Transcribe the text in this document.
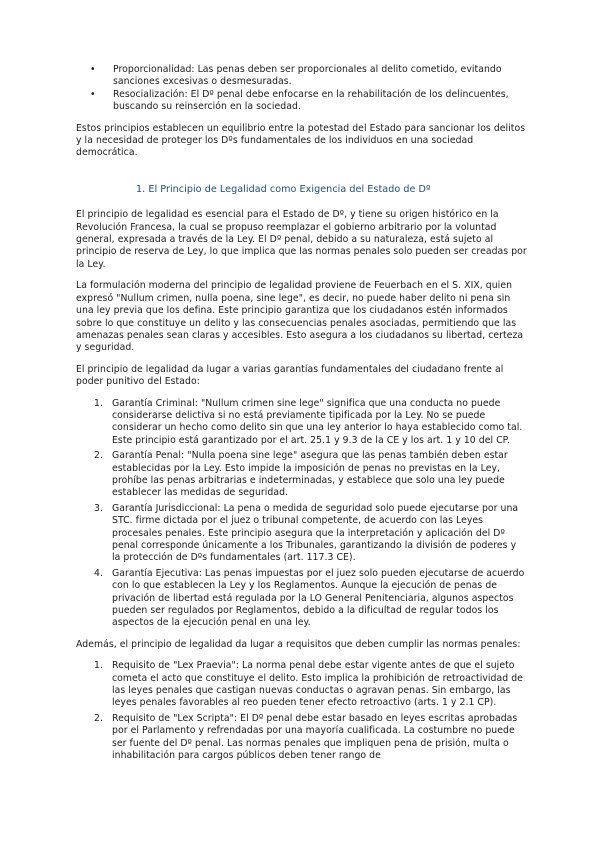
• Proporcionalidad: Las penas deben ser proporcionales al delito cometido, evitando sanciones excesivas o desmesuradas.
• Resocialización: El Dº penal debe enfocarse en la rehabilitación de los delincuentes, buscando su reinserción en la sociedad.

Estos principios establecen un equilibrio entre la potestad del Estado para sancionar los delitos y la necesidad de proteger los Dºs fundamentales de los individuos en una sociedad democrática.

1. El Principio de Legalidad como Exigencia del Estado de Dº

El principio de legalidad es esencial para el Estado de Dº, y tiene su origen histórico en la Revolución Francesa, la cual se propuso reemplazar el gobierno arbitrario por la voluntad general, expresada a través de la Ley. El Dº penal, debido a su naturaleza, está sujeto al principio de reserva de Ley, lo que implica que las normas penales solo pueden ser creadas por la Ley.

La formulación moderna del principio de legalidad proviene de Feuerbach en el S. XIX, quien expresó "Nullum crimen, nulla poena, sine lege", es decir, no puede haber delito ni pena sin una ley previa que los defina. Este principio garantiza que los ciudadanos estén informados sobre lo que constituye un delito y las consecuencias penales asociadas, permitiendo que las amenazas penales sean claras y accesibles. Esto asegura a los ciudadanos su libertad, certeza y seguridad.

El principio de legalidad da lugar a varias garantías fundamentales del ciudadano frente al poder punitivo del Estado:

1. Garantía Criminal: "Nullum crimen sine lege" significa que una conducta no puede considerarse delictiva si no está previamente tipificada por la Ley. No se puede considerar un hecho como delito sin que una ley anterior lo haya establecido como tal. Este principio está garantizado por el art. 25.1 y 9.3 de la CE y los art. 1 y 10 del CP.
2. Garantía Penal: "Nulla poena sine lege" asegura que las penas también deben estar establecidas por la Ley. Esto impide la imposición de penas no previstas en la Ley, prohíbe las penas arbitrarias e indeterminadas, y establece que solo una ley puede establecer las medidas de seguridad.
3. Garantía Jurisdiccional: La pena o medida de seguridad solo puede ejecutarse por una STC. firme dictada por el juez o tribunal competente, de acuerdo con las Leyes procesales penales. Este principio asegura que la interpretación y aplicación del Dº penal corresponde únicamente a los Tribunales, garantizando la división de poderes y la protección de Dºs fundamentales (art. 117.3 CE).
4. Garantía Ejecutiva: Las penas impuestas por el juez solo pueden ejecutarse de acuerdo con lo que establecen la Ley y los Reglamentos. Aunque la ejecución de penas de privación de libertad está regulada por la LO General Penitenciaria, algunos aspectos pueden ser regulados por Reglamentos, debido a la dificultad de regular todos los aspectos de la ejecución penal en una ley.

Además, el principio de legalidad da lugar a requisitos que deben cumplir las normas penales:

1. Requisito de "Lex Praevia": La norma penal debe estar vigente antes de que el sujeto cometa el acto que constituye el delito. Esto implica la prohibición de retroactividad de las leyes penales que castigan nuevas conductas o agravan penas. Sin embargo, las leyes penales favorables al reo pueden tener efecto retroactivo (arts. 1 y 2.1 CP).
2. Requisito de "Lex Scripta": El Dº penal debe estar basado en leyes escritas aprobadas por el Parlamento y refrendadas por una mayoría cualificada. La costumbre no puede ser fuente del Dº penal. Las normas penales que impliquen pena de prisión, multa o inhabilitación para cargos públicos deben tener rango de
